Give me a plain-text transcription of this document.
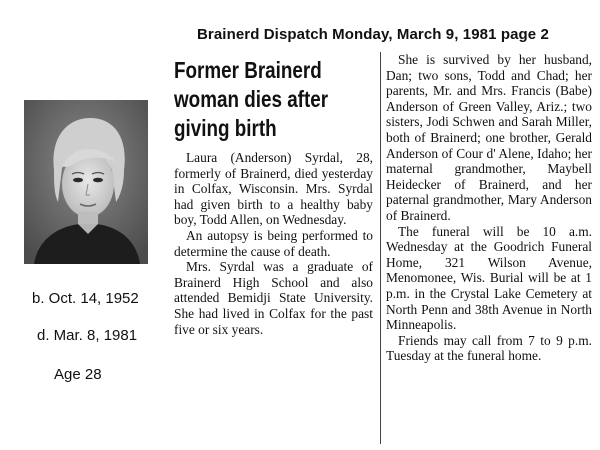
Brainerd Dispatch Monday, March 9, 1981 page 2
b. Oct. 14, 1952
d. Mar. 8, 1981
Age 28
Former Brainerd
woman dies after
giving birth

Laura (Anderson) Syrdal, 28, formerly of Brainerd, died yesterday in Colfax, Wisconsin. Mrs. Syrdal had given birth to a healthy baby boy, Todd Allen, on Wednesday.

An autopsy is being performed to determine the cause of death.

Mrs. Syrdal was a graduate of Brainerd High School and also attended Bemidji State University. She had lived in Colfax for the past five or six years.

She is survived by her husband, Dan; two sons, Todd and Chad; her parents, Mr. and Mrs. Francis (Babe) Anderson of Green Valley, Ariz.; two sisters, Jodi Schwen and Sarah Miller, both of Brainerd; one brother, Gerald Anderson of Cour d' Alene, Idaho; her maternal grandmother, Maybell Heidecker of Brainerd, and her paternal grandmother, Mary Anderson of Brainerd.

The funeral will be 10 a.m. Wednesday at the Goodrich Funeral Home, 321 Wilson Avenue, Menomonee, Wis. Burial will be at 1 p.m. in the Crystal Lake Cemetery at North Penn and 38th Avenue in North Minneapolis.

Friends may call from 7 to 9 p.m. Tuesday at the funeral home.
